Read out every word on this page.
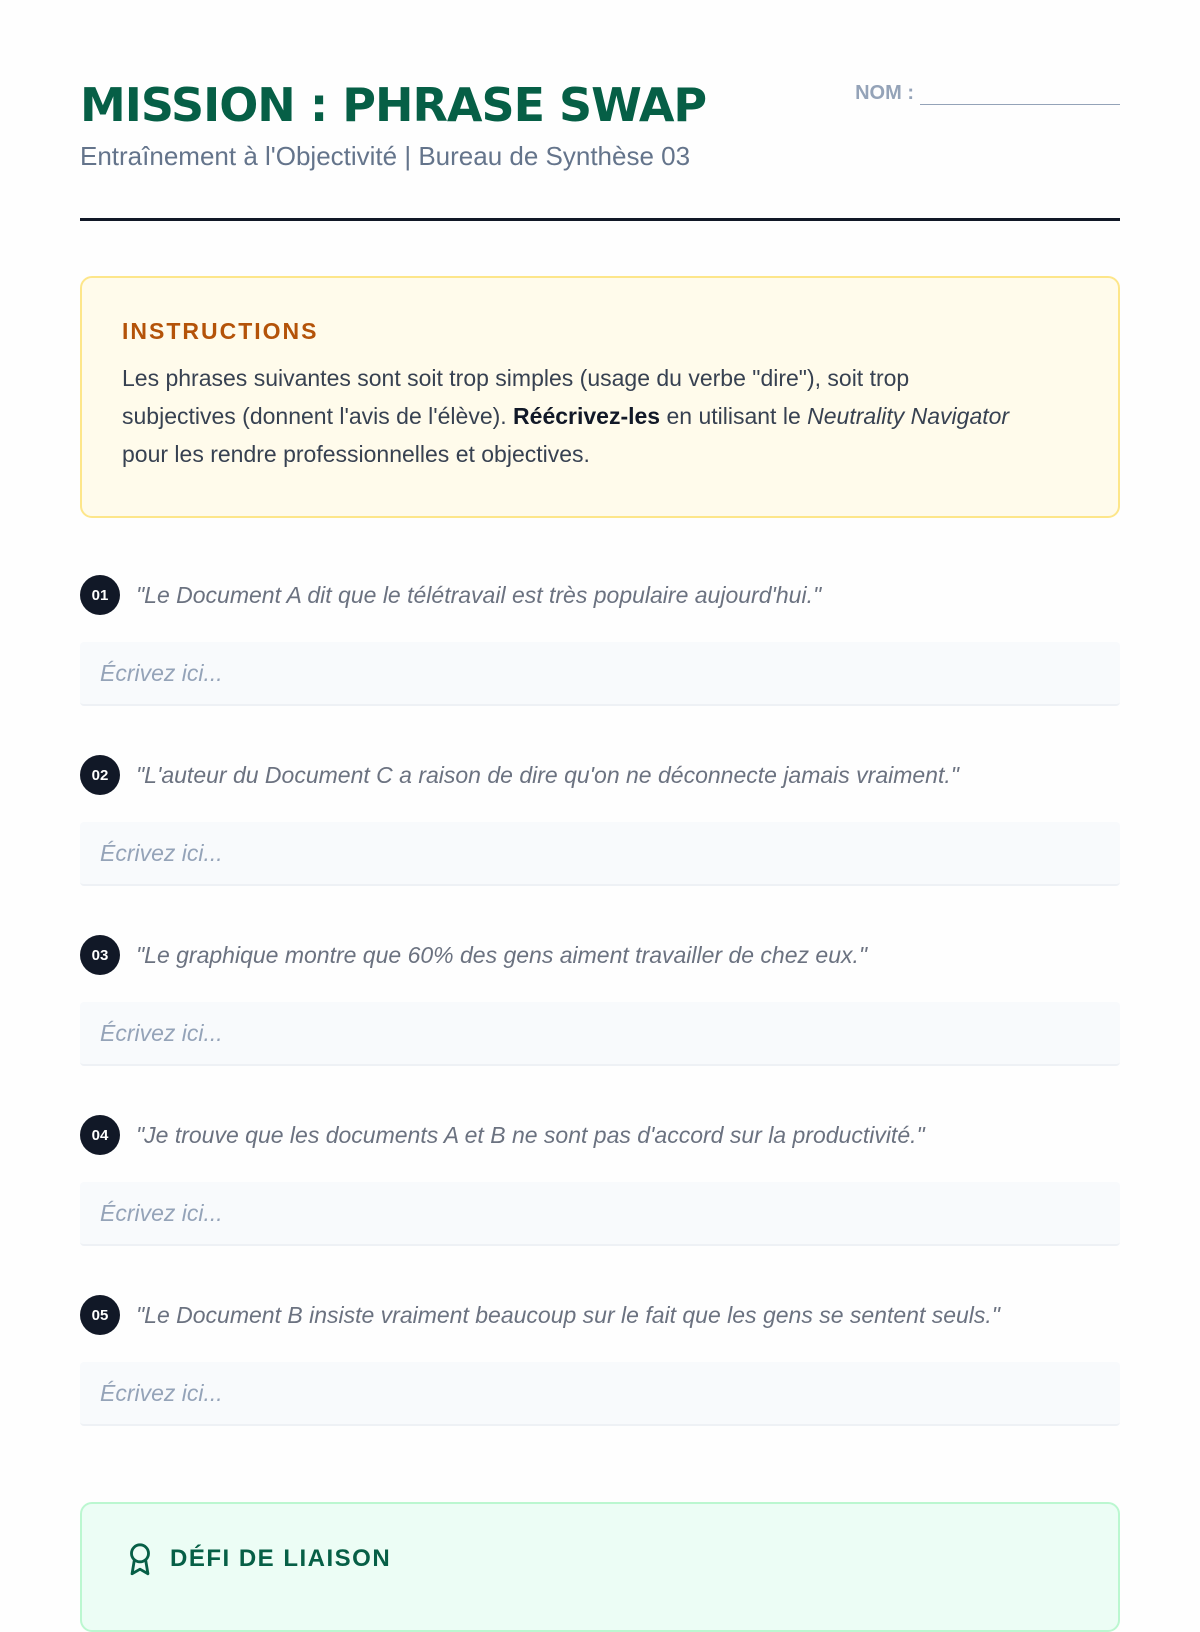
MISSION : PHRASE SWAP
Entraînement à l'Objectivité | Bureau de Synthèse 03
NOM :
INSTRUCTIONS

Les phrases suivantes sont soit trop simples (usage du verbe "dire"), soit trop subjectives (donnent l'avis de l'élève). Réécrivez-les en utilisant le Neutrality Navigator pour les rendre professionnelles et objectives.

01	"Le Document A dit que le télétravail est très populaire aujourd'hui."
Écrivez ici...
02	"L'auteur du Document C a raison de dire qu'on ne déconnecte jamais vraiment."
Écrivez ici...
03	"Le graphique montre que 60% des gens aiment travailler de chez eux."
Écrivez ici...
04	"Je trouve que les documents A et B ne sont pas d'accord sur la productivité."
Écrivez ici...
05	"Le Document B insiste vraiment beaucoup sur le fait que les gens se sentent seuls."
Écrivez ici...
DÉFI DE LIAISON
